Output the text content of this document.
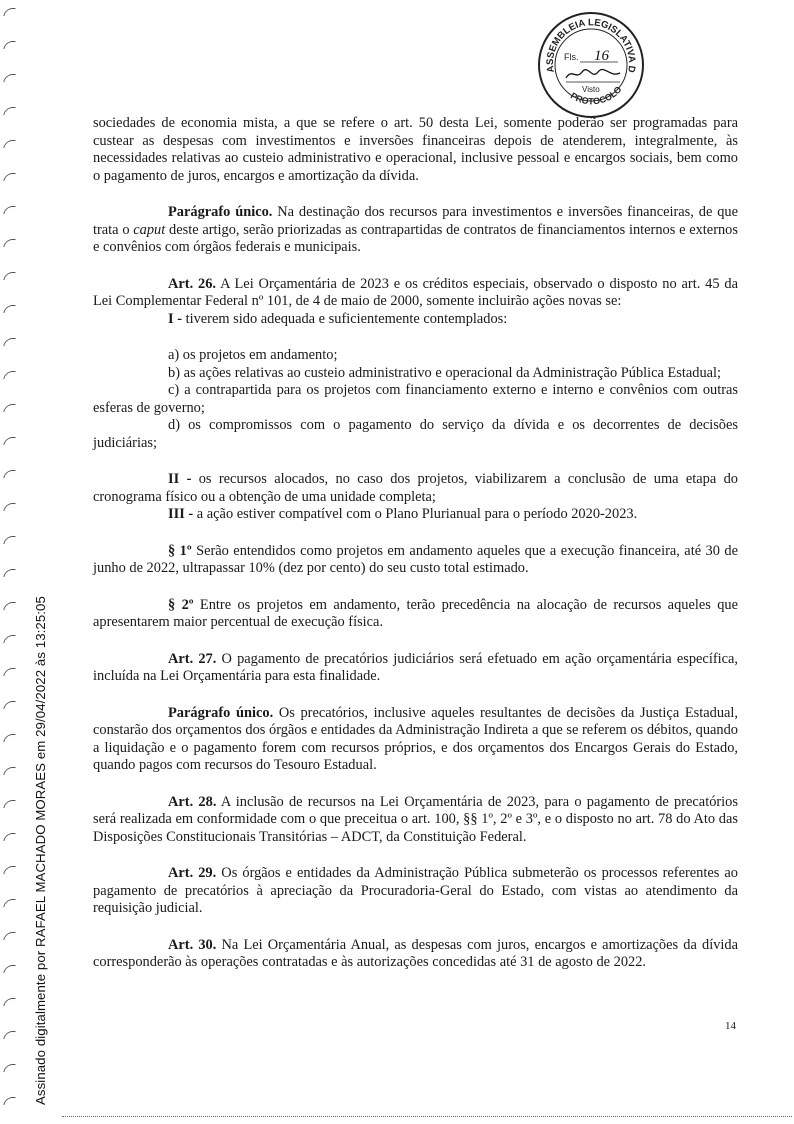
Assinado digitalmente por RAFAEL MACHADO MORAES em 29/04/2022 às 13:25:05
ASSEMBLEIA LEGISLATIVA D
PROTOCOLO
Fls. 16
Visto

sociedades de economia mista, a que se refere o art. 50 desta Lei, somente poderão ser programadas para custear as despesas com investimentos e inversões financeiras depois de atenderem, integralmente, às necessidades relativas ao custeio administrativo e operacional, inclusive pessoal e encargos sociais, bem como o pagamento de juros, encargos e amortização da dívida.

Parágrafo único. Na destinação dos recursos para investimentos e inversões financeiras, de que trata o caput deste artigo, serão priorizadas as contrapartidas de contratos de financiamentos internos e externos e convênios com órgãos federais e municipais.

Art. 26. A Lei Orçamentária de 2023 e os créditos especiais, observado o disposto no art. 45 da Lei Complementar Federal nº 101, de 4 de maio de 2000, somente incluirão ações novas se:

I - tiverem sido adequada e suficientemente contemplados:

a) os projetos em andamento;

b) as ações relativas ao custeio administrativo e operacional da Administração Pública Estadual;

c) a contrapartida para os projetos com financiamento externo e interno e convênios com outras esferas de governo;

d) os compromissos com o pagamento do serviço da dívida e os decorrentes de decisões judiciárias;

II - os recursos alocados, no caso dos projetos, viabilizarem a conclusão de uma etapa do cronograma físico ou a obtenção de uma unidade completa;

III - a ação estiver compatível com o Plano Plurianual para o período 2020-2023.

§ 1º Serão entendidos como projetos em andamento aqueles que a execução financeira, até 30 de junho de 2022, ultrapassar 10% (dez por cento) do seu custo total estimado.

§ 2º Entre os projetos em andamento, terão precedência na alocação de recursos aqueles que apresentarem maior percentual de execução física.

Art. 27. O pagamento de precatórios judiciários será efetuado em ação orçamentária específica, incluída na Lei Orçamentária para esta finalidade.

Parágrafo único. Os precatórios, inclusive aqueles resultantes de decisões da Justiça Estadual, constarão dos orçamentos dos órgãos e entidades da Administração Indireta a que se referem os débitos, quando a liquidação e o pagamento forem com recursos próprios, e dos orçamentos dos Encargos Gerais do Estado, quando pagos com recursos do Tesouro Estadual.

Art. 28. A inclusão de recursos na Lei Orçamentária de 2023, para o pagamento de precatórios será realizada em conformidade com o que preceitua o art. 100, §§ 1º, 2º e 3º, e o disposto no art. 78 do Ato das Disposições Constitucionais Transitórias – ADCT, da Constituição Federal.

Art. 29. Os órgãos e entidades da Administração Pública submeterão os processos referentes ao pagamento de precatórios à apreciação da Procuradoria-Geral do Estado, com vistas ao atendimento da requisição judicial.

Art. 30. Na Lei Orçamentária Anual, as despesas com juros, encargos e amortizações da dívida corresponderão às operações contratadas e às autorizações concedidas até 31 de agosto de 2022.

14
